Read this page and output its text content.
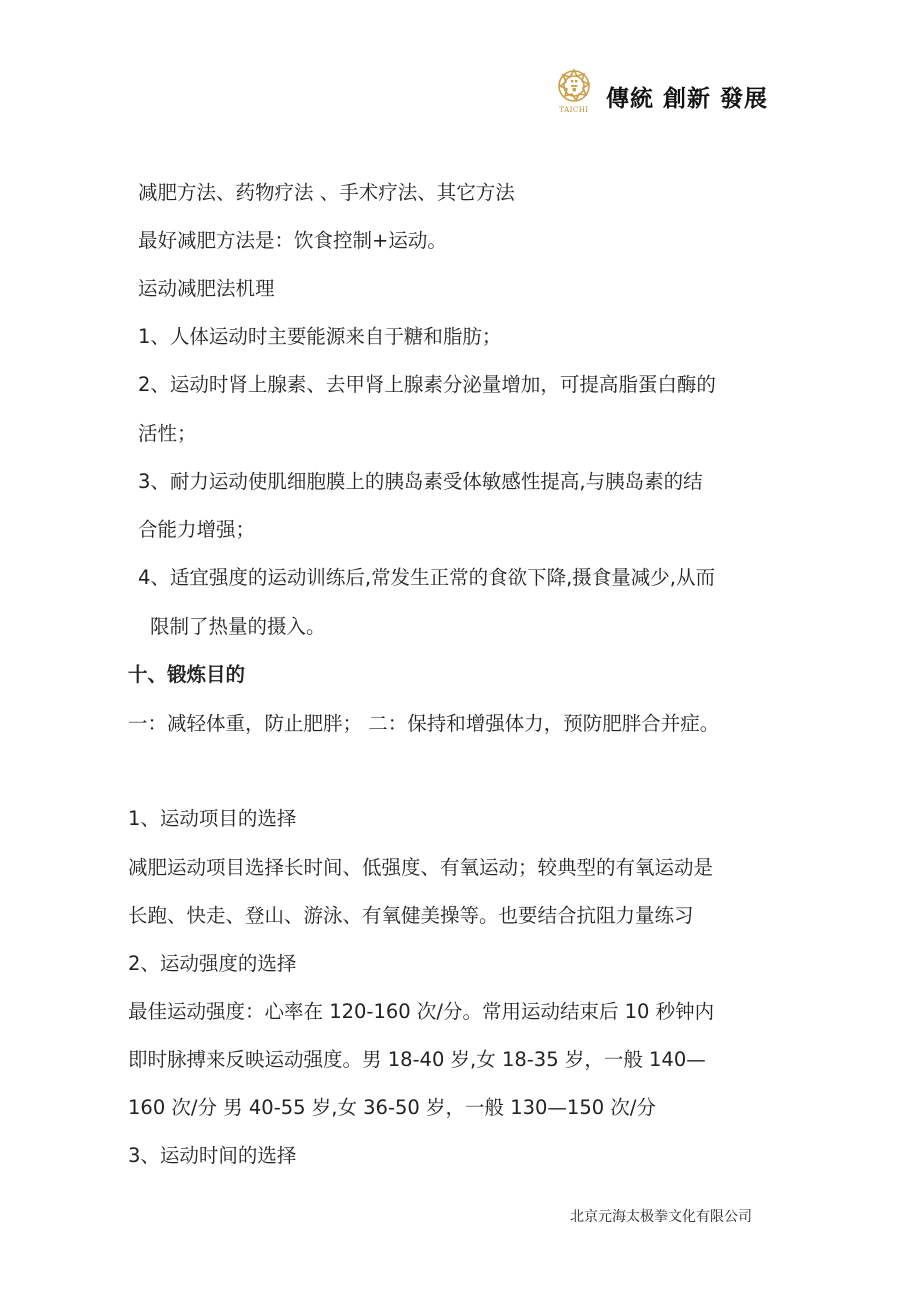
TAICHI 傳統 創新 發展
减肥方法、药物疗法 、手术疗法、其它方法
最好减肥方法是：饮食控制+运动。
运动减肥法机理
1、人体运动时主要能源来自于糖和脂肪；
2、运动时肾上腺素、去甲肾上腺素分泌量增加，可提高脂蛋白酶的
活性；
3、耐力运动使肌细胞膜上的胰岛素受体敏感性提高,与胰岛素的结
合能力增强；
4、适宜强度的运动训练后,常发生正常的食欲下降,摄食量减少,从而
限制了热量的摄入。
十、锻炼目的
一：减轻体重，防止肥胖； 二：保持和增强体力，预防肥胖合并症。
1、运动项目的选择
减肥运动项目选择长时间、低强度、有氧运动；较典型的有氧运动是
长跑、快走、登山、游泳、有氧健美操等。也要结合抗阻力量练习
2、运动强度的选择
最佳运动强度：心率在 120-160 次/分。常用运动结束后 10 秒钟内
即时脉搏来反映运动强度。男 18-40 岁,女 18-35 岁，一般 140—
160 次/分 男 40-55 岁,女 36-50 岁，一般 130—150 次/分
3、运动时间的选择
北京元海太极拳文化有限公司
